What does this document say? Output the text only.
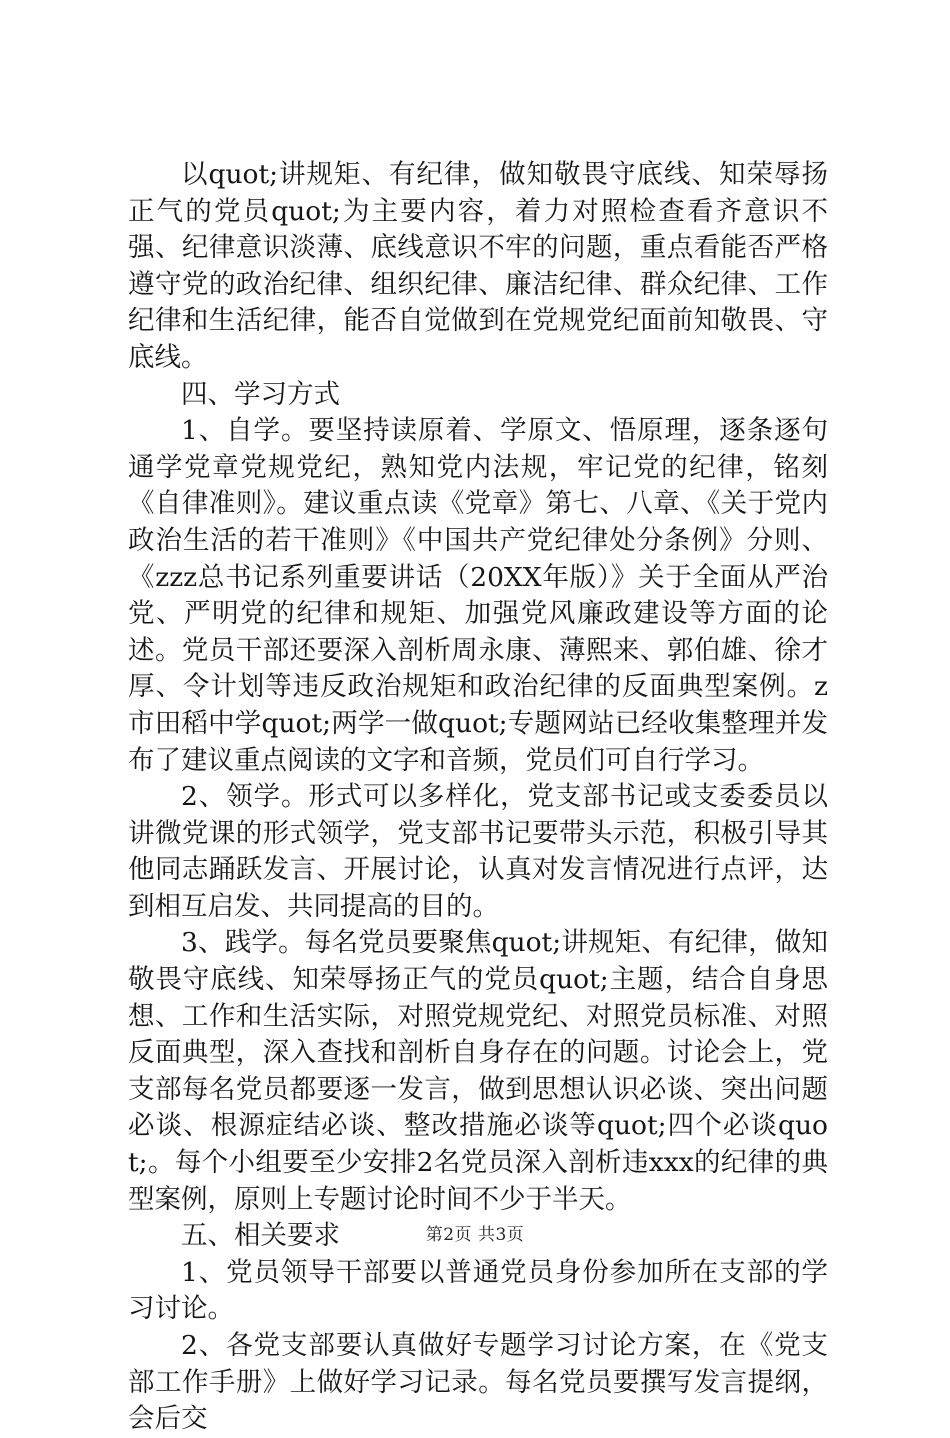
以quot;讲规矩、有纪律，做知敬畏守底线、知荣辱扬正气的党员quot;为主要内容，着力对照检查看齐意识不强、纪律意识淡薄、底线意识不牢的问题，重点看能否严格遵守党的政治纪律、组织纪律、廉洁纪律、群众纪律、工作纪律和生活纪律，能否自觉做到在党规党纪面前知敬畏、守底线。

四、学习方式

1、自学。要坚持读原着、学原文、悟原理，逐条逐句通学党章党规党纪，熟知党内法规，牢记党的纪律，铭刻《自律准则》。建议重点读《党章》第七、八章、《关于党内政治生活的若干准则》《中国共产党纪律处分条例》分则、《zzz总书记系列重要讲话（20XX年版）》关于全面从严治党、严明党的纪律和规矩、加强党风廉政建设等方面的论述。党员干部还要深入剖析周永康、薄熙来、郭伯雄、徐才厚、令计划等违反政治规矩和政治纪律的反面典型案例。z市田稻中学quot;两学一做quot;专题网站已经收集整理并发布了建议重点阅读的文字和音频，党员们可自行学习。

2、领学。形式可以多样化，党支部书记或支委委员以讲微党课的形式领学，党支部书记要带头示范，积极引导其他同志踊跃发言、开展讨论，认真对发言情况进行点评，达到相互启发、共同提高的目的。

3、践学。每名党员要聚焦quot;讲规矩、有纪律，做知敬畏守底线、知荣辱扬正气的党员quot;主题，结合自身思想、工作和生活实际，对照党规党纪、对照党员标准、对照反面典型，深入查找和剖析自身存在的问题。讨论会上，党支部每名党员都要逐一发言，做到思想认识必谈、突出问题必谈、根源症结必谈、整改措施必谈等quot;四个必谈quot;。每个小组要至少安排2名党员深入剖析违xxx的纪律的典型案例，原则上专题讨论时间不少于半天。

五、相关要求

1、党员领导干部要以普通党员身份参加所在支部的学习讨论。

2、各党支部要认真做好专题学习讨论方案，在《党支部工作手册》上做好学习记录。每名党员要撰写发言提纲，会后交

第2页 共3页
